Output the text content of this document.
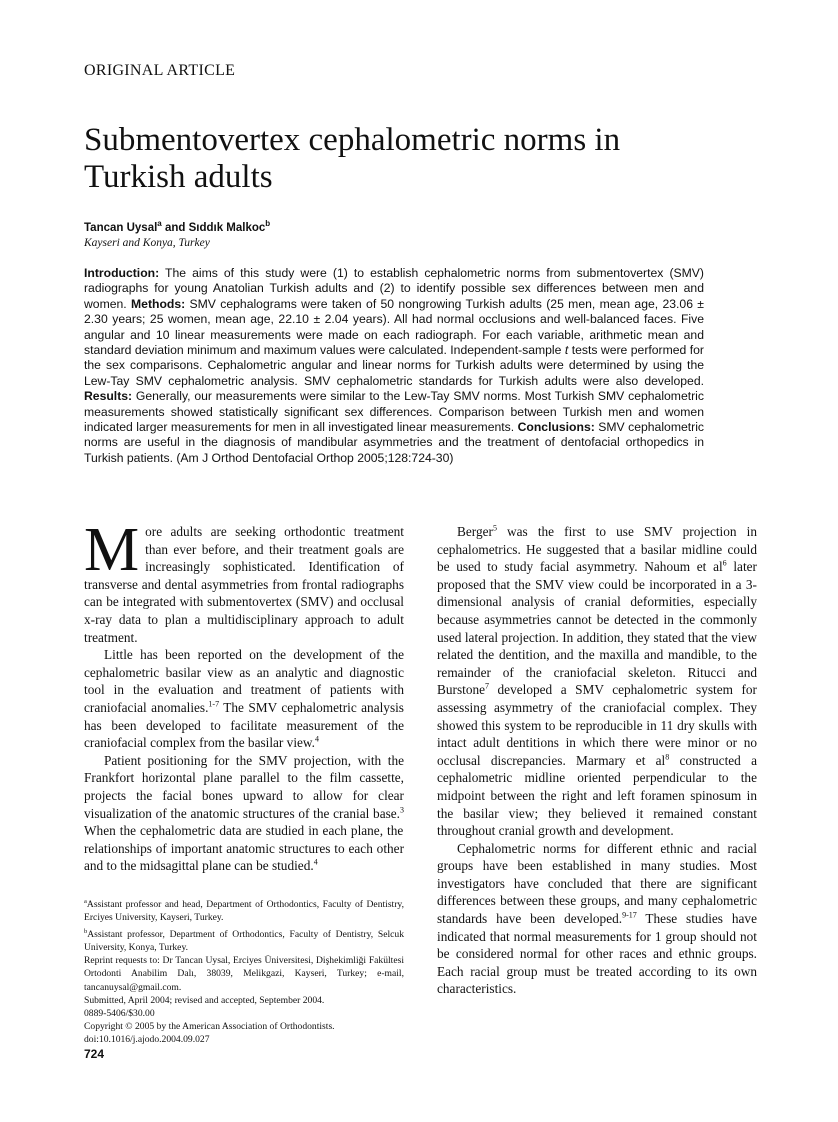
ORIGINAL ARTICLE
Submentovertex cephalometric norms in Turkish adults
Tancan Uysal$^a$ and Sıddık Malkoc$^b$
Kayseri and Konya, Turkey
Introduction: The aims of this study were (1) to establish cephalometric norms from submentovertex (SMV) radiographs for young Anatolian Turkish adults and (2) to identify possible sex differences between men and women. Methods: SMV cephalograms were taken of 50 nongrowing Turkish adults (25 men, mean age, 23.06 ± 2.30 years; 25 women, mean age, 22.10 ± 2.04 years). All had normal occlusions and well-balanced faces. Five angular and 10 linear measurements were made on each radiograph. For each variable, arithmetic mean and standard deviation minimum and maximum values were calculated. Independent-sample t tests were performed for the sex comparisons. Cephalometric angular and linear norms for Turkish adults were determined by using the Lew-Tay SMV cephalometric analysis. SMV cephalometric standards for Turkish adults were also developed. Results: Generally, our measurements were similar to the Lew-Tay SMV norms. Most Turkish SMV cephalometric measurements showed statistically significant sex differences. Comparison between Turkish men and women indicated larger measurements for men in all investigated linear measurements. Conclusions: SMV cephalometric norms are useful in the diagnosis of mandibular asymmetries and the treatment of dentofacial orthopedics in Turkish patients. (Am J Orthod Dentofacial Orthop 2005;128:724-30)

More adults are seeking orthodontic treatment than ever before, and their treatment goals are increasingly sophisticated. Identification of transverse and dental asymmetries from frontal radiographs can be integrated with submentovertex (SMV) and occlusal x-ray data to plan a multidisciplinary approach to adult treatment.

Little has been reported on the development of the cephalometric basilar view as an analytic and diagnostic tool in the evaluation and treatment of patients with craniofacial anomalies.$^{1-7}$ The SMV cephalometric analysis has been developed to facilitate measurement of the craniofacial complex from the basilar view.$^4$

Patient positioning for the SMV projection, with the Frankfort horizontal plane parallel to the film cassette, projects the facial bones upward to allow for clear visualization of the anatomic structures of the cranial base.$^3$ When the cephalometric data are studied in each plane, the relationships of important anatomic structures to each other and to the midsagittal plane can be studied.$^4$

Berger$^5$ was the first to use SMV projection in cephalometrics. He suggested that a basilar midline could be used to study facial asymmetry. Nahoum et $al^6$ later proposed that the SMV view could be incorporated in a 3-dimensional analysis of cranial deformities, especially because asymmetries cannot be detected in the commonly used lateral projection. In addition, they stated that the view related the dentition, and the maxilla and mandible, to the remainder of the craniofacial skeleton. Ritucci and Burstone$^7$ developed a SMV cephalometric system for assessing asymmetry of the craniofacial complex. They showed this system to be reproducible in 11 dry skulls with intact adult dentitions in which there were minor or no occlusal discrepancies. Marmary et $al^8$ constructed a cephalometric midline oriented perpendicular to the midpoint between the right and left foramen spinosum in the basilar view; they believed it remained constant throughout cranial growth and development.

Cephalometric norms for different ethnic and racial groups have been established in many studies. Most investigators have concluded that there are significant differences between these groups, and many cephalometric standards have been developed.$^{9-17}$ These studies have indicated that normal measurements for 1 group should not be considered normal for other races and ethnic groups. Each racial group must be treated according to its own characteristics.

$^a$Assistant professor and head, Department of Orthodontics, Faculty of Dentistry, Erciyes University, Kayseri, Turkey.
$^b$Assistant professor, Department of Orthodontics, Faculty of Dentistry, Selcuk University, Konya, Turkey.
Reprint requests to: Dr Tancan Uysal, Erciyes Üniversitesi, Dişhekimliği Fakültesi Ortodonti Anabilim Dalı, 38039, Melikgazi, Kayseri, Turkey; e-mail, tancanuysal@gmail.com.
Submitted, April 2004; revised and accepted, September 2004.
0889-5406/$30.00
Copyright © 2005 by the American Association of Orthodontists.
doi:10.1016/j.ajodo.2004.09.027
724
